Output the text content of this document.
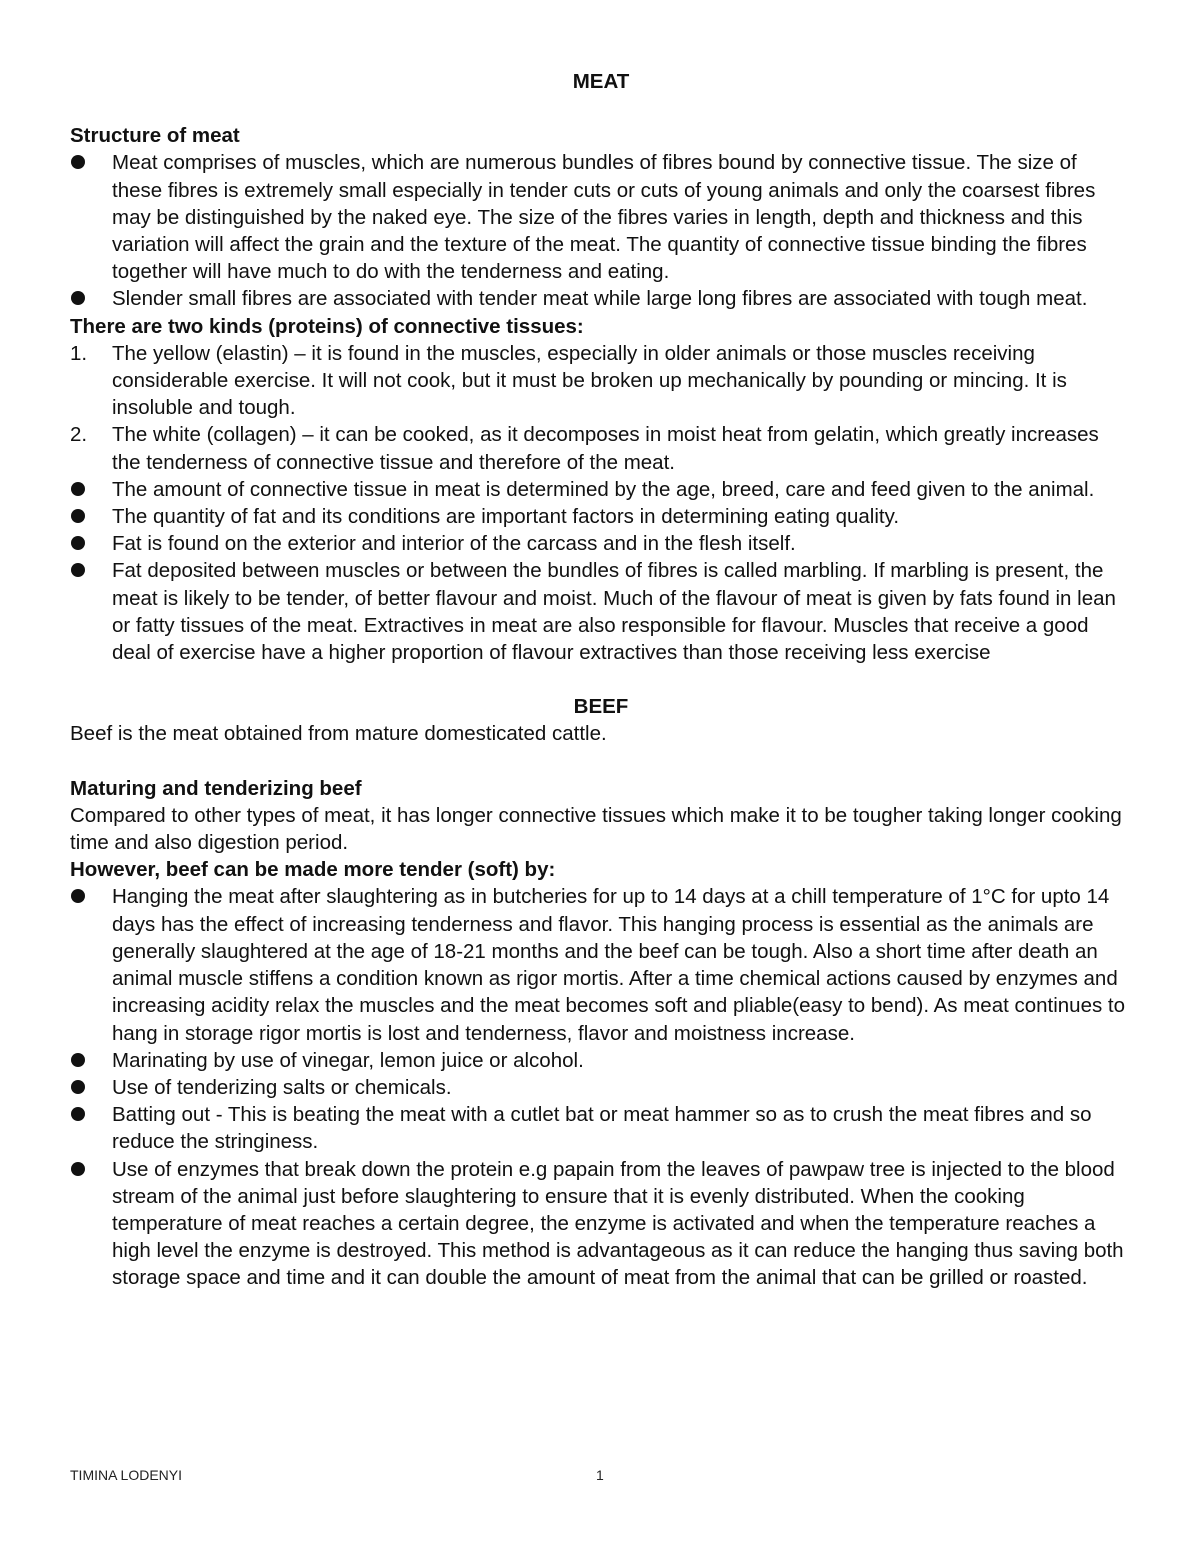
MEAT
Structure of meat
Meat comprises of muscles, which are numerous bundles of fibres bound by connective tissue. The size of these fibres is extremely small especially in tender cuts or cuts of young animals and only the coarsest fibres may be distinguished by the naked eye. The size of the fibres varies in length, depth and thickness and this variation will affect the grain and the texture of the meat. The quantity of connective tissue binding the fibres together will have much to do with the tenderness and eating.
Slender small fibres are associated with tender meat while large long fibres are associated with tough meat.
There are two kinds (proteins) of connective tissues:
1. The yellow (elastin) – it is found in the muscles, especially in older animals or those muscles receiving considerable exercise. It will not cook, but it must be broken up mechanically by pounding or mincing. It is insoluble and tough.
2. The white (collagen) – it can be cooked, as it decomposes in moist heat from gelatin, which greatly increases the tenderness of connective tissue and therefore of the meat.
The amount of connective tissue in meat is determined by the age, breed, care and feed given to the animal.
The quantity of fat and its conditions are important factors in determining eating quality.
Fat is found on the exterior and interior of the carcass and in the flesh itself.
Fat deposited between muscles or between the bundles of fibres is called marbling. If marbling is present, the meat is likely to be tender, of better flavour and moist. Much of the flavour of meat is given by fats found in lean or fatty tissues of the meat. Extractives in meat are also responsible for flavour. Muscles that receive a good deal of exercise have a higher proportion of flavour extractives than those receiving less exercise
BEEF

Beef is the meat obtained from mature domesticated cattle.

Maturing and tenderizing beef

Compared to other types of meat, it has longer connective tissues which make it to be tougher taking longer cooking time and also digestion period.

However, beef can be made more tender (soft) by:
Hanging the meat after slaughtering as in butcheries for up to 14 days at a chill temperature of 1°C for upto 14 days has the effect of increasing tenderness and flavor. This hanging process is essential as the animals are generally slaughtered at the age of 18-21 months and the beef can be tough. Also a short time after death an animal muscle stiffens a condition known as rigor mortis. After a time chemical actions caused by enzymes and increasing acidity relax the muscles and the meat becomes soft and pliable(easy to bend). As meat continues to hang in storage rigor mortis is lost and tenderness, flavor and moistness increase.
Marinating by use of vinegar, lemon juice or alcohol.
Use of tenderizing salts or chemicals.
Batting out - This is beating the meat with a cutlet bat or meat hammer so as to crush the meat fibres and so reduce the stringiness.
Use of enzymes that break down the protein e.g papain from the leaves of pawpaw tree is injected to the blood stream of the animal just before slaughtering to ensure that it is evenly distributed. When the cooking temperature of meat reaches a certain degree, the enzyme is activated and when the temperature reaches a high level the enzyme is destroyed. This method is advantageous as it can reduce the hanging thus saving both storage space and time and it can double the amount of meat from the animal that can be grilled or roasted.
TIMINA LODENYI	1
